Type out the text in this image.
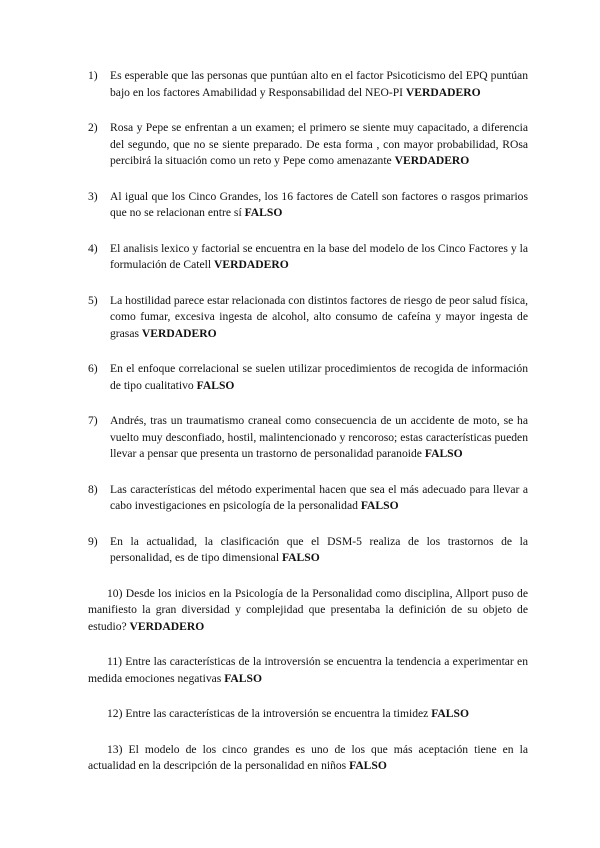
1) Es esperable que las personas que puntúan alto en el factor Psicoticismo del EPQ puntúan bajo en los factores Amabilidad y Responsabilidad del NEO-PI VERDADERO
2) Rosa y Pepe se enfrentan a un examen; el primero se siente muy capacitado, a diferencia del segundo, que no se siente preparado. De esta forma , con mayor probabilidad, ROsa percibirá la situación como un reto y Pepe como amenazante VERDADERO
3) Al igual que los Cinco Grandes, los 16 factores de Catell son factores o rasgos primarios que no se relacionan entre sí FALSO
4) El analisis lexico y factorial se encuentra en la base del modelo de los Cinco Factores y la formulación de Catell VERDADERO
5) La hostilidad parece estar relacionada con distintos factores de riesgo de peor salud física, como fumar, excesiva ingesta de alcohol, alto consumo de cafeína y mayor ingesta de grasas VERDADERO
6) En el enfoque correlacional se suelen utilizar procedimientos de recogida de información de tipo cualitativo FALSO
7) Andrés, tras un traumatismo craneal como consecuencia de un accidente de moto, se ha vuelto muy desconfiado, hostil, malintencionado y rencoroso; estas características pueden llevar a pensar que presenta un trastorno de personalidad paranoide FALSO
8) Las características del método experimental hacen que sea el más adecuado para llevar a cabo investigaciones en psicología de la personalidad FALSO
9) En la actualidad, la clasificación que el DSM-5 realiza de los trastornos de la personalidad, es de tipo dimensional FALSO
10) Desde los inicios en la Psicología de la Personalidad como disciplina, Allport puso de manifiesto la gran diversidad y complejidad que presentaba la definición de su objeto de estudio? VERDADERO
11) Entre las características de la introversión se encuentra la tendencia a experimentar en medida emociones negativas FALSO
12) Entre las características de la introversión se encuentra la timidez FALSO
13) El modelo de los cinco grandes es uno de los que más aceptación tiene en la actualidad en la descripción de la personalidad en niños FALSO
